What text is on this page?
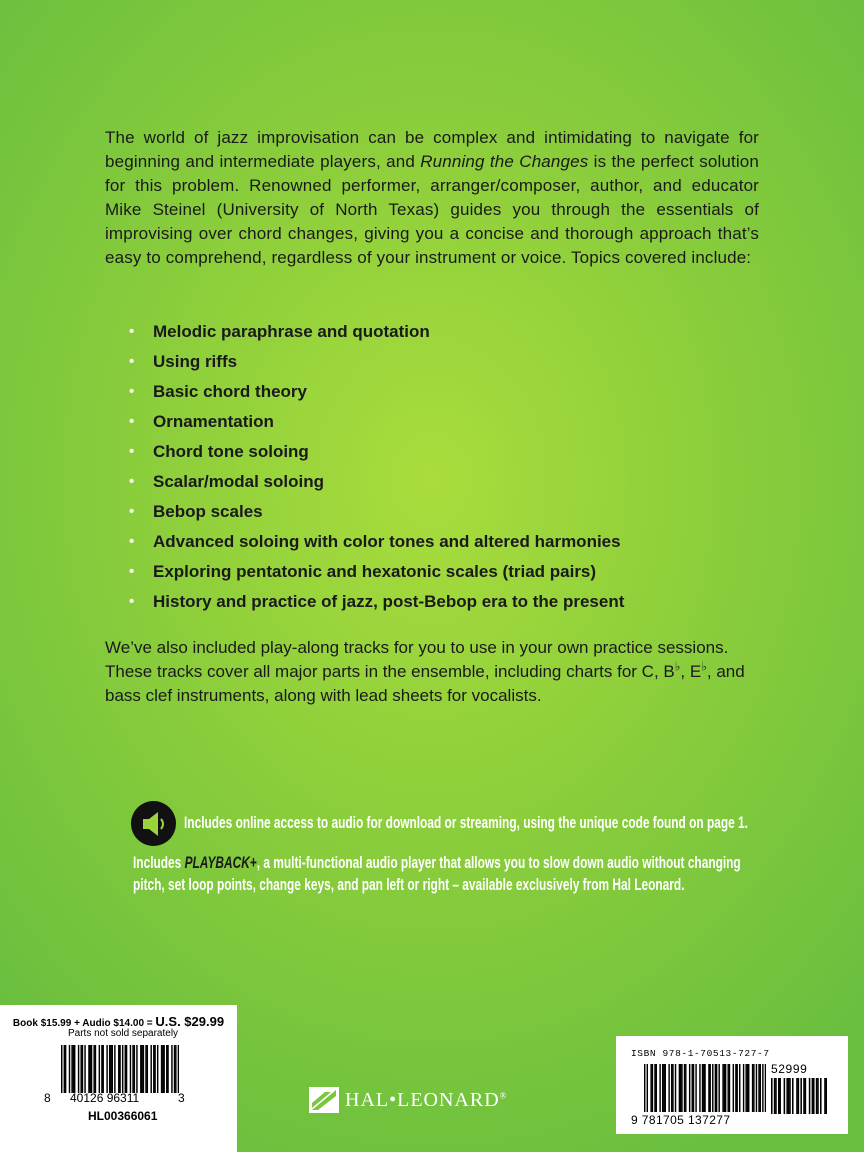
The world of jazz improvisation can be complex and intimidating to navigate for beginning and intermediate players, and Running the Changes is the perfect solution for this problem. Renowned performer, arranger/composer, author, and educator Mike Steinel (University of North Texas) guides you through the essentials of improvising over chord changes, giving you a concise and thorough approach that’s easy to comprehend, regardless of your instrument or voice. Topics covered include:

• Melodic paraphrase and quotation
• Using riffs
• Basic chord theory
• Ornamentation
• Chord tone soloing
• Scalar/modal soloing
• Bebop scales
• Advanced soloing with color tones and altered harmonies
• Exploring pentatonic and hexatonic scales (triad pairs)
• History and practice of jazz, post-Bebop era to the present

We’ve also included play-along tracks for you to use in your own practice sessions. These tracks cover all major parts in the ensemble, including charts for C, B♭, E♭, and bass clef instruments, along with lead sheets for vocalists.

Includes online access to audio for download or streaming, using the unique code found on page 1.
Includes PLAYBACK+, a multi-functional audio player that allows you to slow down audio without changing
pitch, set loop points, change keys, and pan left or right – available exclusively from Hal Leonard.
Book $15.99 + Audio $14.00 = U.S. $29.99
Parts not sold separately
8 40126 96311	3
HL00366061
ISBN 978-1-70513-727-7
52999
9 781705 137277
HAL•LEONARD®
